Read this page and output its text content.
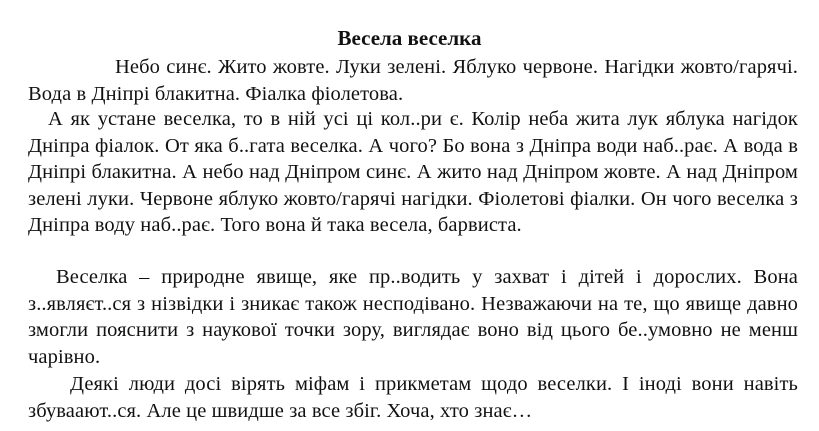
Весела веселка

Небо синє. Жито жовте. Луки зелені. Яблуко червоне. Нагідки жовто/гарячі. Вода в Дніпрі блакитна. Фіалка фіолетова.

А як устане веселка, то в ній усі ці кол..ри є. Колір неба жита лук яблука нагідок Дніпра фіалок. От яка б..гата веселка. А чого? Бо вона з Дніпра води наб..рає. А вода в Дніпрі блакитна. А небо над Дніпром синє. А жито над Дніпром жовте. А над Дніпром зелені луки. Червоне яблуко жовто/гарячі нагідки. Фіолетові фіалки. Он чого веселка з Дніпра воду наб..рає. Того вона й така весела, барвиста.

Веселка – природне явище, яке пр..водить у захват і дітей і дорослих. Вона з..являєт..ся з нізвідки і зникає також несподівано. Незважаючи на те, що явище давно змогли пояснити з наукової точки зору, виглядає воно від цього бе..умовно не менш чарівно.

Деякі люди досі вірять міфам і прикметам щодо веселки. І іноді вони навіть збуваают..ся. Але це швидше за все збіг. Хоча, хто знає…
